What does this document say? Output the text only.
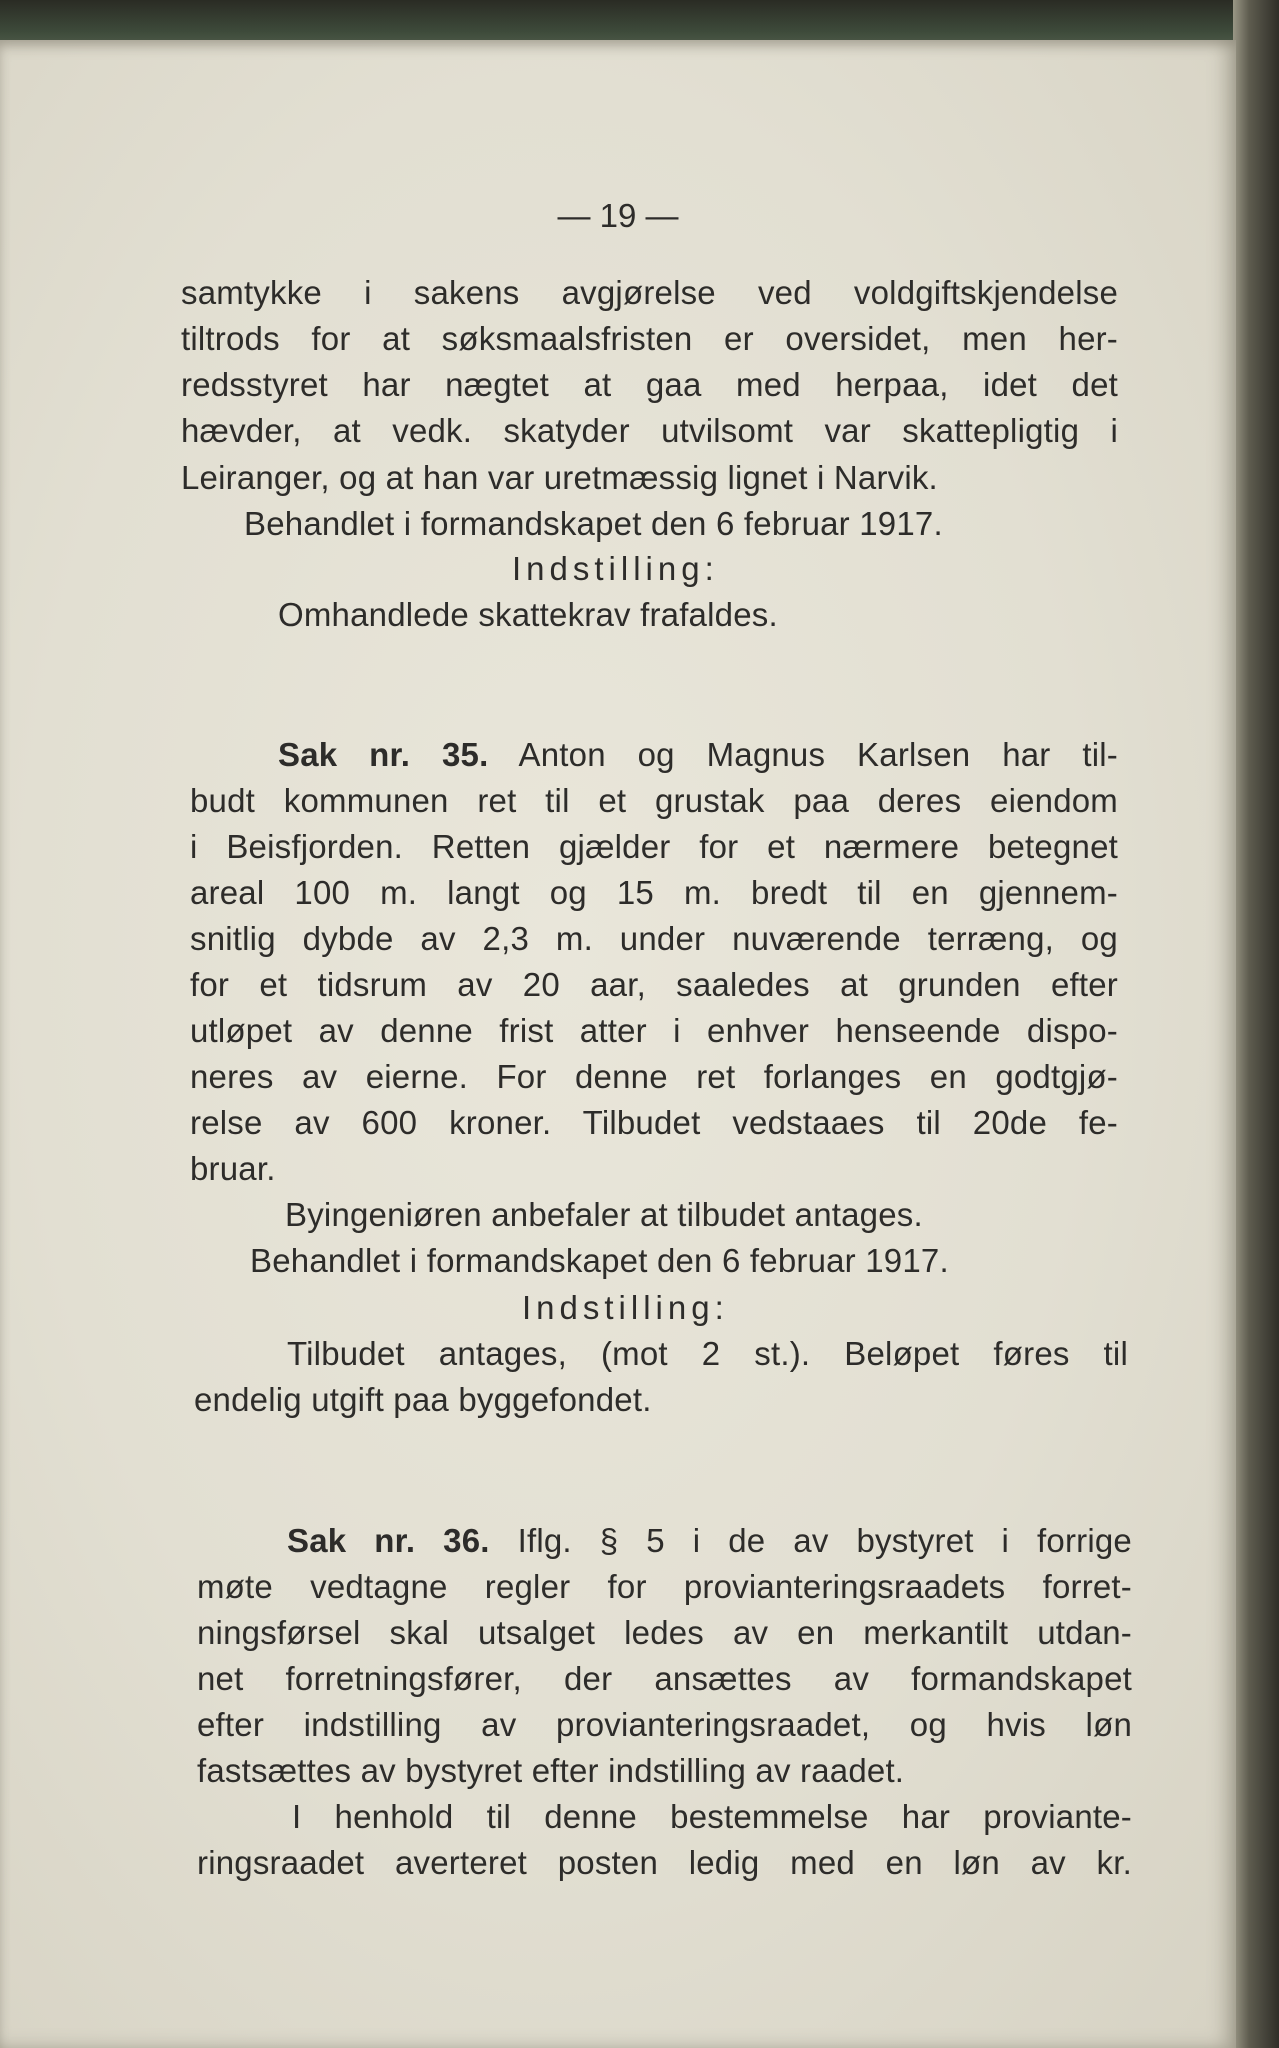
— 19 —
samtykke i sakens avgjørelse ved voldgiftskjendelse
tiltrods for at søksmaalsfristen er oversidet, men her-
redsstyret har nægtet at gaa med herpaa, idet det
hævder, at vedk. skatyder utvilsomt var skattepligtig i
Leiranger, og at han var uretmæssig lignet i Narvik.
Behandlet i formandskapet den 6 februar 1917.
Indstilling:
Omhandlede skattekrav frafaldes.
Sak nr. 35. Anton og Magnus Karlsen har til-
budt kommunen ret til et grustak paa deres eiendom
i Beisfjorden. Retten gjælder for et nærmere betegnet
areal 100 m. langt og 15 m. bredt til en gjennem-
snitlig dybde av 2,3 m. under nuværende terræng, og
for et tidsrum av 20 aar, saaledes at grunden efter
utløpet av denne frist atter i enhver henseende dispo-
neres av eierne. For denne ret forlanges en godtgjø-
relse av 600 kroner. Tilbudet vedstaaes til 20de fe-
bruar.
Byingeniøren anbefaler at tilbudet antages.
Behandlet i formandskapet den 6 februar 1917.
Indstilling:
Tilbudet antages, (mot 2 st.). Beløpet føres til
endelig utgift paa byggefondet.
Sak nr. 36. Iflg. § 5 i de av bystyret i forrige
møte vedtagne regler for provianteringsraadets forret-
ningsførsel skal utsalget ledes av en merkantilt utdan-
net forretningsfører, der ansættes av formandskapet
efter indstilling av provianteringsraadet, og hvis løn
fastsættes av bystyret efter indstilling av raadet.
I henhold til denne bestemmelse har proviante-
ringsraadet averteret posten ledig med en løn av kr.
